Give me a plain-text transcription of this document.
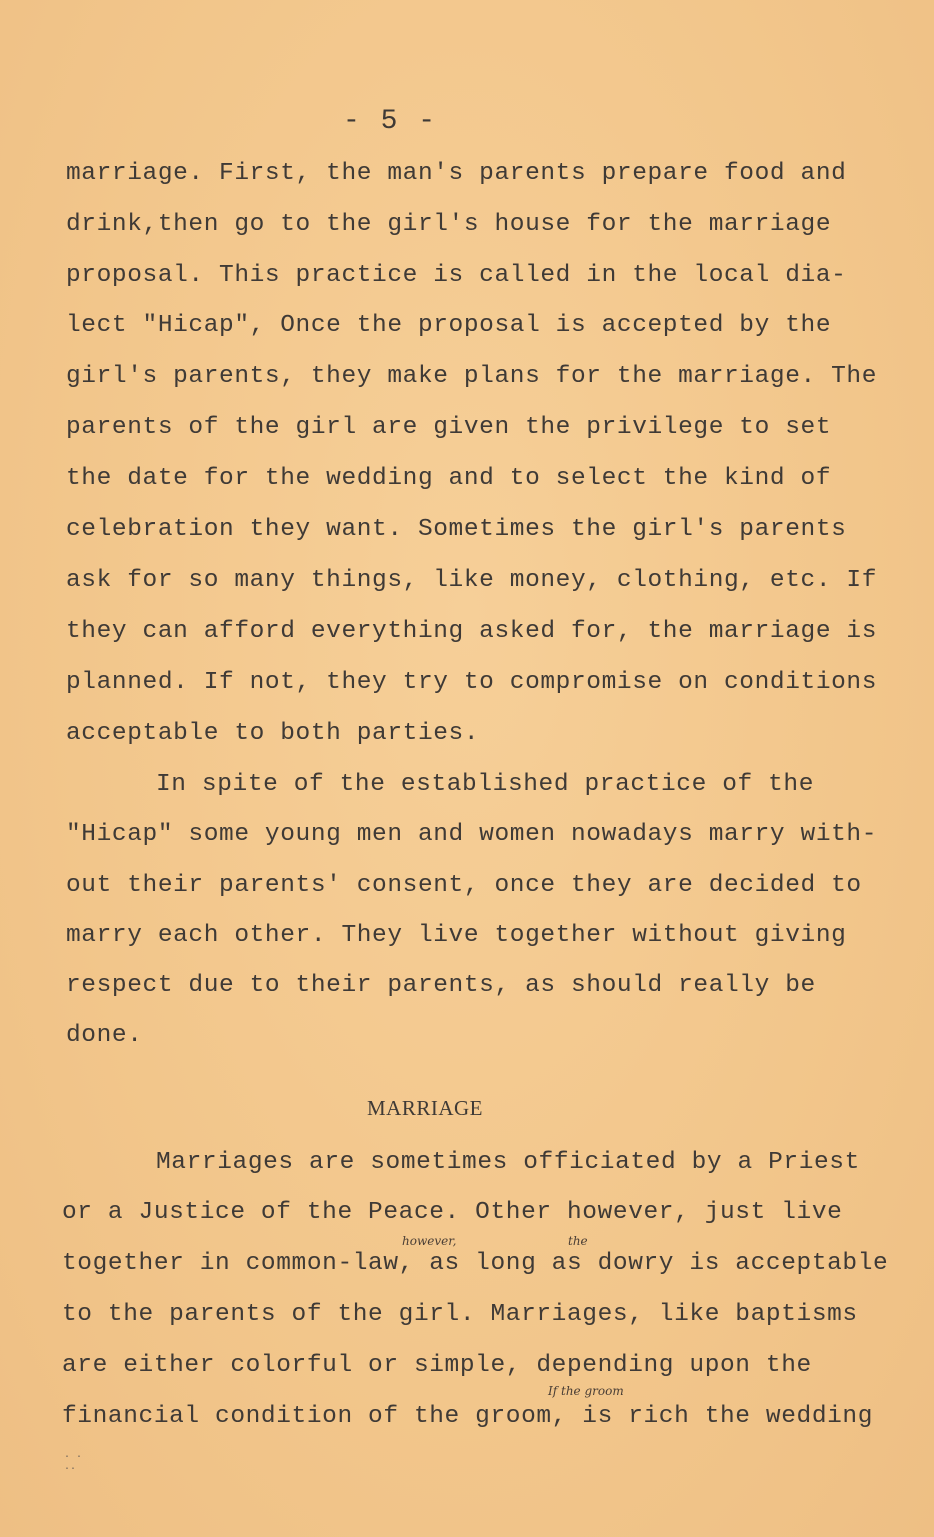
- 5 -
marriage. First, the man's parents prepare food and
drink,then go to the girl's house for the marriage
proposal. This practice is called in the local dia-
lect "Hicap", Once the proposal is accepted by the
girl's parents, they make plans for the marriage. The
parents of the girl are given the privilege to set
the date for the wedding and to select the kind of
celebration they want. Sometimes the girl's parents
ask for so many things, like money, clothing, etc. If
they can afford everything asked for, the marriage is
planned. If not, they try to compromise on conditions
acceptable to both parties.
In spite of the established practice of the
"Hicap" some young men and women nowadays marry with-
out their parents' consent, once they are decided to
marry each other. They live together without giving
respect due to their parents, as should really be
done.
MARRIAGE
Marriages are sometimes officiated by a Priest
or a Justice of the Peace. Other however, just live
together in common-law, as long as dowry is acceptable
to the parents of the girl. Marriages, like baptisms
are either colorful or simple, depending upon the
financial condition of the groom, is rich the wedding
however,	the
If the groom
· ·
··
